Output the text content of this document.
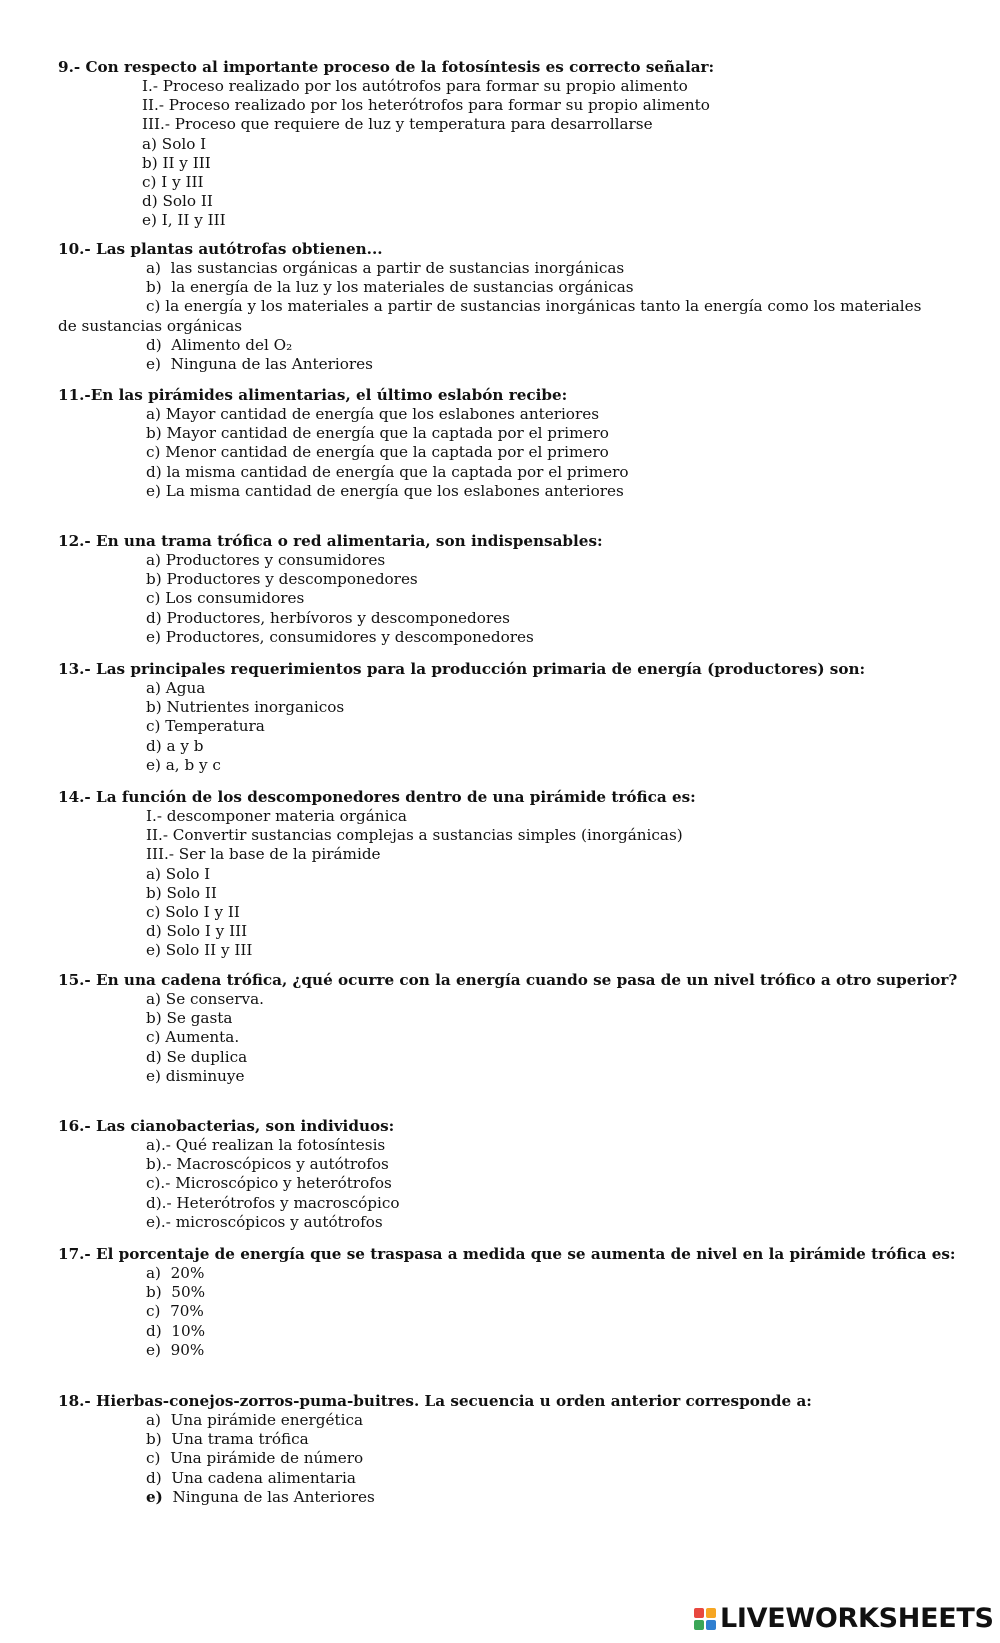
9.- Con respecto al importante proceso de la fotosíntesis es correcto señalar:
I.- Proceso realizado por los autótrofos para formar su propio alimento
II.- Proceso realizado por los heterótrofos para formar su propio alimento
III.- Proceso que requiere de luz y temperatura para desarrollarse
a) Solo I
b) II y III
c) I y III
d) Solo II
e) I, II y III
10.- Las plantas autótrofas obtienen...
a)  las sustancias orgánicas a partir de sustancias inorgánicas
b)  la energía de la luz y los materiales de sustancias orgánicas
c) la energía y los materiales a partir de sustancias inorgánicas tanto la energía como los materiales de sustancias orgánicas
d)  Alimento del O₂
e)  Ninguna de las Anteriores
11.-En las pirámides alimentarias, el último eslabón recibe:
a) Mayor cantidad de energía que los eslabones anteriores
b) Mayor cantidad de energía que la captada por el primero
c) Menor cantidad de energía que la captada por el primero
d) la misma cantidad de energía que la captada por el primero
e) La misma cantidad de energía que los eslabones anteriores
12.- En una trama trófica o red alimentaria, son indispensables:
a) Productores y consumidores
b) Productores y descomponedores
c) Los consumidores
d) Productores, herbívoros y descomponedores
e) Productores, consumidores y descomponedores
13.- Las principales requerimientos para la producción primaria de energía (productores) son:
a) Agua
b) Nutrientes inorganicos
c) Temperatura
d) a y b
e) a, b y c
14.- La función de los descomponedores dentro de una pirámide trófica es:
I.- descomponer materia orgánica
II.- Convertir sustancias complejas a sustancias simples (inorgánicas)
III.- Ser la base de la pirámide
a) Solo I
b) Solo II
c) Solo I y II
d) Solo I y III
e) Solo II y III
15.- En una cadena trófica, ¿qué ocurre con la energía cuando se pasa de un nivel trófico a otro superior?
a) Se conserva.
b) Se gasta
c) Aumenta.
d) Se duplica
e) disminuye
16.- Las cianobacterias, son individuos:
a).- Qué realizan la fotosíntesis
b).- Macroscópicos y autótrofos
c).- Microscópico y heterótrofos
d).- Heterótrofos y macroscópico
e).- microscópicos y autótrofos
17.- El porcentaje de energía que se traspasa a medida que se aumenta de nivel en la pirámide trófica es:
a)  20%
b)  50%
c)  70%
d)  10%
e)  90%
18.- Hierbas-conejos-zorros-puma-buitres. La secuencia u orden anterior corresponde a:
a)  Una pirámide energética
b)  Una trama trófica
c)  Una pirámide de número
d)  Una cadena alimentaria
e)  Ninguna de las Anteriores
LIVEWORKSHEETS
